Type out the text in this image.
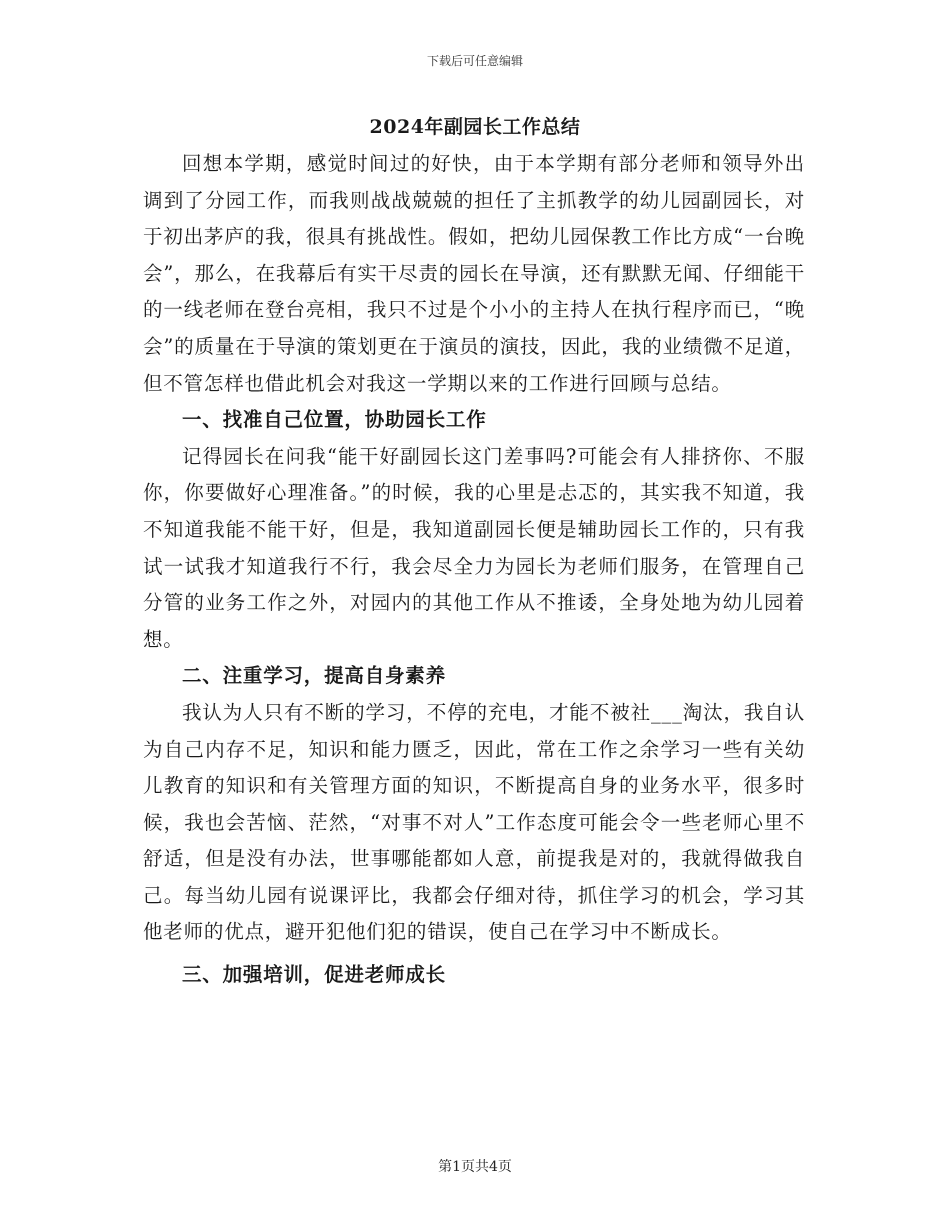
下载后可任意编辑
2024年副园长工作总结

回想本学期，感觉时间过的好快，由于本学期有部分老师和领导外出调到了分园工作，而我则战战兢兢的担任了主抓教学的幼儿园副园长，对于初出茅庐的我，很具有挑战性。假如，把幼儿园保教工作比方成“一台晚会”，那么，在我幕后有实干尽责的园长在导演，还有默默无闻、仔细能干的一线老师在登台亮相，我只不过是个小小的主持人在执行程序而已，“晚会”的质量在于导演的策划更在于演员的演技，因此，我的业绩微不足道，但不管怎样也借此机会对我这一学期以来的工作进行回顾与总结。

一、找准自己位置，协助园长工作

记得园长在问我“能干好副园长这门差事吗?可能会有人排挤你、不服你，你要做好心理准备。”的时候，我的心里是忐忑的，其实我不知道，我不知道我能不能干好，但是，我知道副园长便是辅助园长工作的，只有我试一试我才知道我行不行，我会尽全力为园长为老师们服务，在管理自己分管的业务工作之外，对园内的其他工作从不推诿，全身处地为幼儿园着想。

二、注重学习，提高自身素养

我认为人只有不断的学习，不停的充电，才能不被社___淘汰，我自认为自己内存不足，知识和能力匮乏，因此，常在工作之余学习一些有关幼儿教育的知识和有关管理方面的知识，不断提高自身的业务水平，很多时候，我也会苦恼、茫然，“对事不对人”工作态度可能会令一些老师心里不舒适，但是没有办法，世事哪能都如人意，前提我是对的，我就得做我自己。每当幼儿园有说课评比，我都会仔细对待，抓住学习的机会，学习其他老师的优点，避开犯他们犯的错误，使自己在学习中不断成长。

三、加强培训，促进老师成长

第1页共4页
